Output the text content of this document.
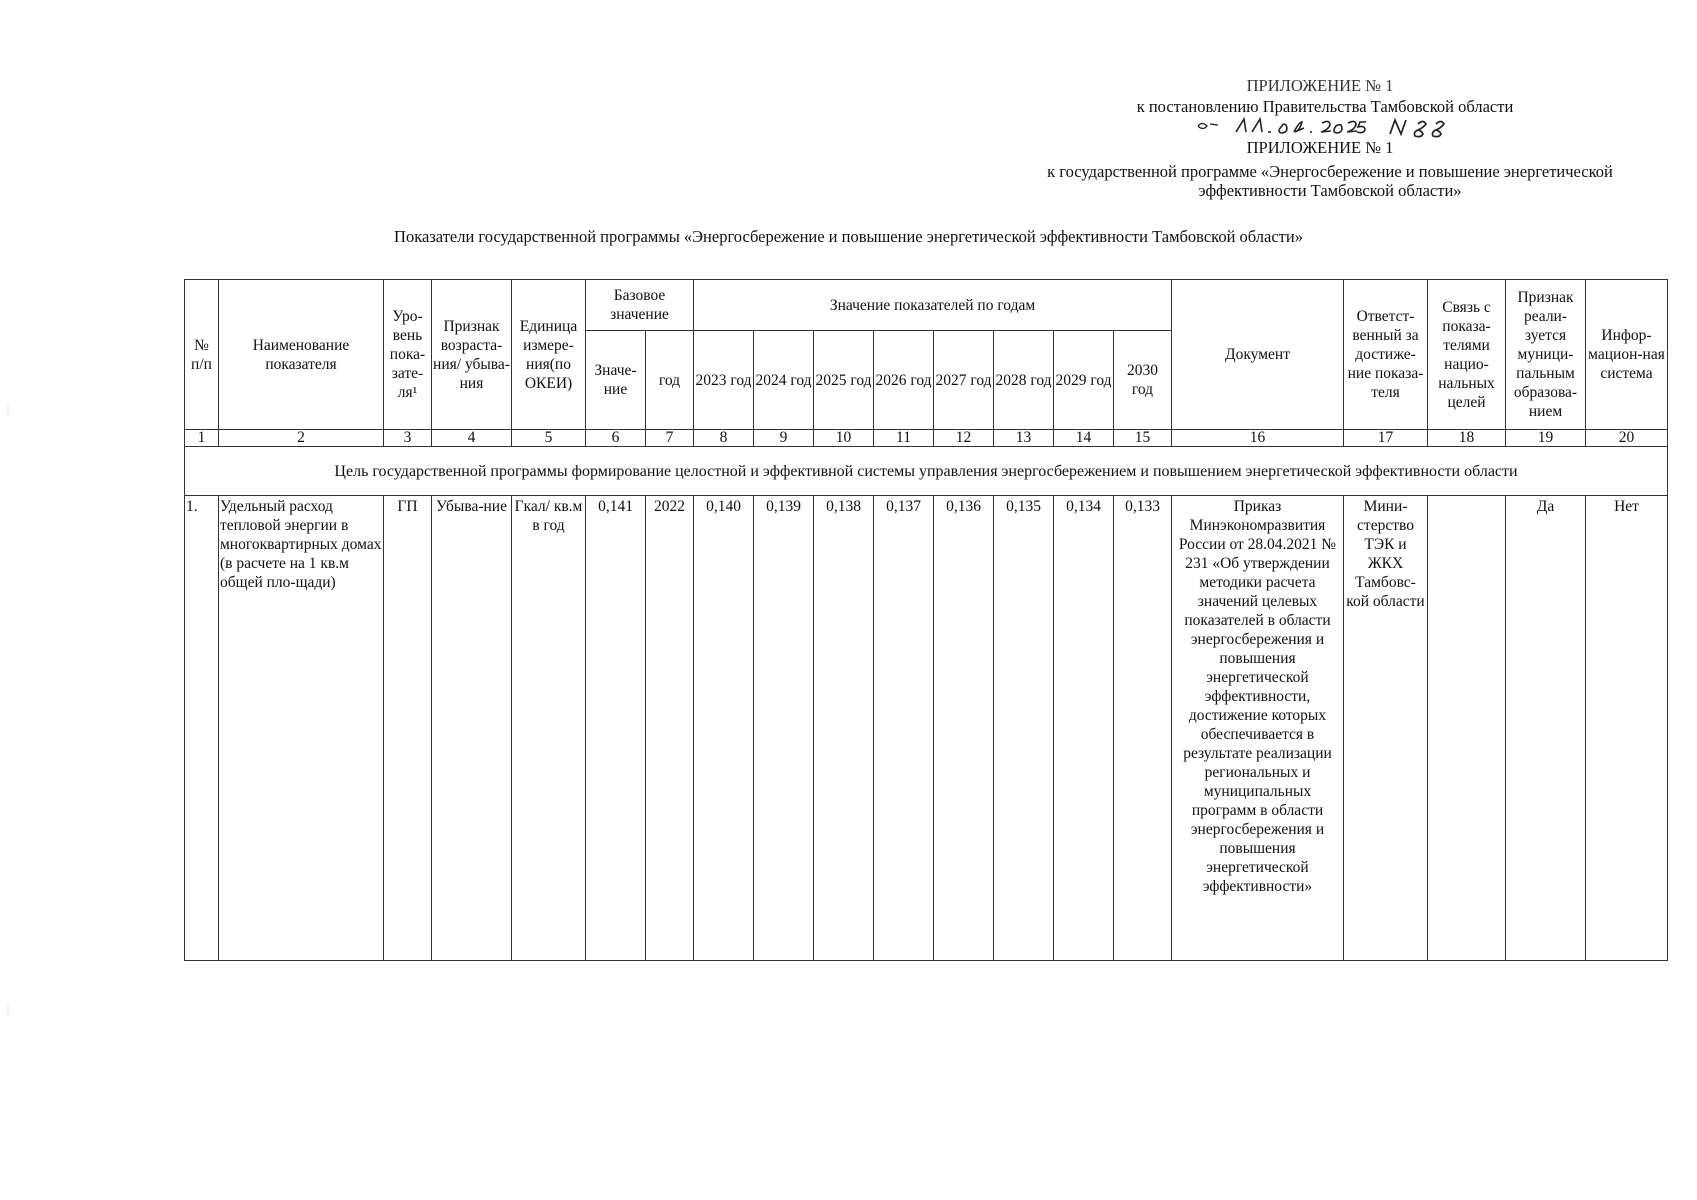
ПРИЛОЖЕНИЕ № 1
к постановлению Правительства Тамбовской области
ПРИЛОЖЕНИЕ № 1
к государственной программе «Энергосбережение и повышение энергетической
эффективности Тамбовской области»
Показатели государственной программы «Энергосбережение и повышение энергетической эффективности Тамбовской области»
№ п/п	Наименование показателя	Уро-вень пока-зате-ля¹	Признак возраста-ния/ убыва-ния	Единица измере-ния(по ОКЕИ)	Базовое значение		Значение показателей по годам								Документ	Ответст-венный за достиже-ние показа-теля	Связь с показа-телями нацио-нальных целей	Признак реали-зуется муници-пальным образова-нием	Инфор-мацион-ная система
					Значе-ние	год	2023 год	2024 год	2025 год	2026 год	2027 год	2028 год	2029 год	2030 год					
1	2	3	4	5	6	7	8	9	10	11	12	13	14	15	16	17	18	19	20
Цель государственной программы формирование целостной и эффективной системы управления энергосбережением и повышением энергетической эффективности области																			
1.	Удельный расход тепловой энергии в многоквартирных домах (в расчете на 1 кв.м общей пло-щади)	ГП	Убыва-ние	Гкал/ кв.м в год	0,141	2022	0,140	0,139	0,138	0,137	0,136	0,135	0,134	0,133	Приказ Минэкономразвития России от 28.04.2021 № 231 «Об утверждении методики расчета значений целевых показателей в области энергосбережения и повышения энергетической эффективности, достижение которых обеспечивается в результате реализации региональных и муниципальных программ в области энергосбережения и повышения энергетической эффективности»	Мини-стерство ТЭК и ЖКХ Тамбовс-кой области		Да	Нет
⋮
⋮
